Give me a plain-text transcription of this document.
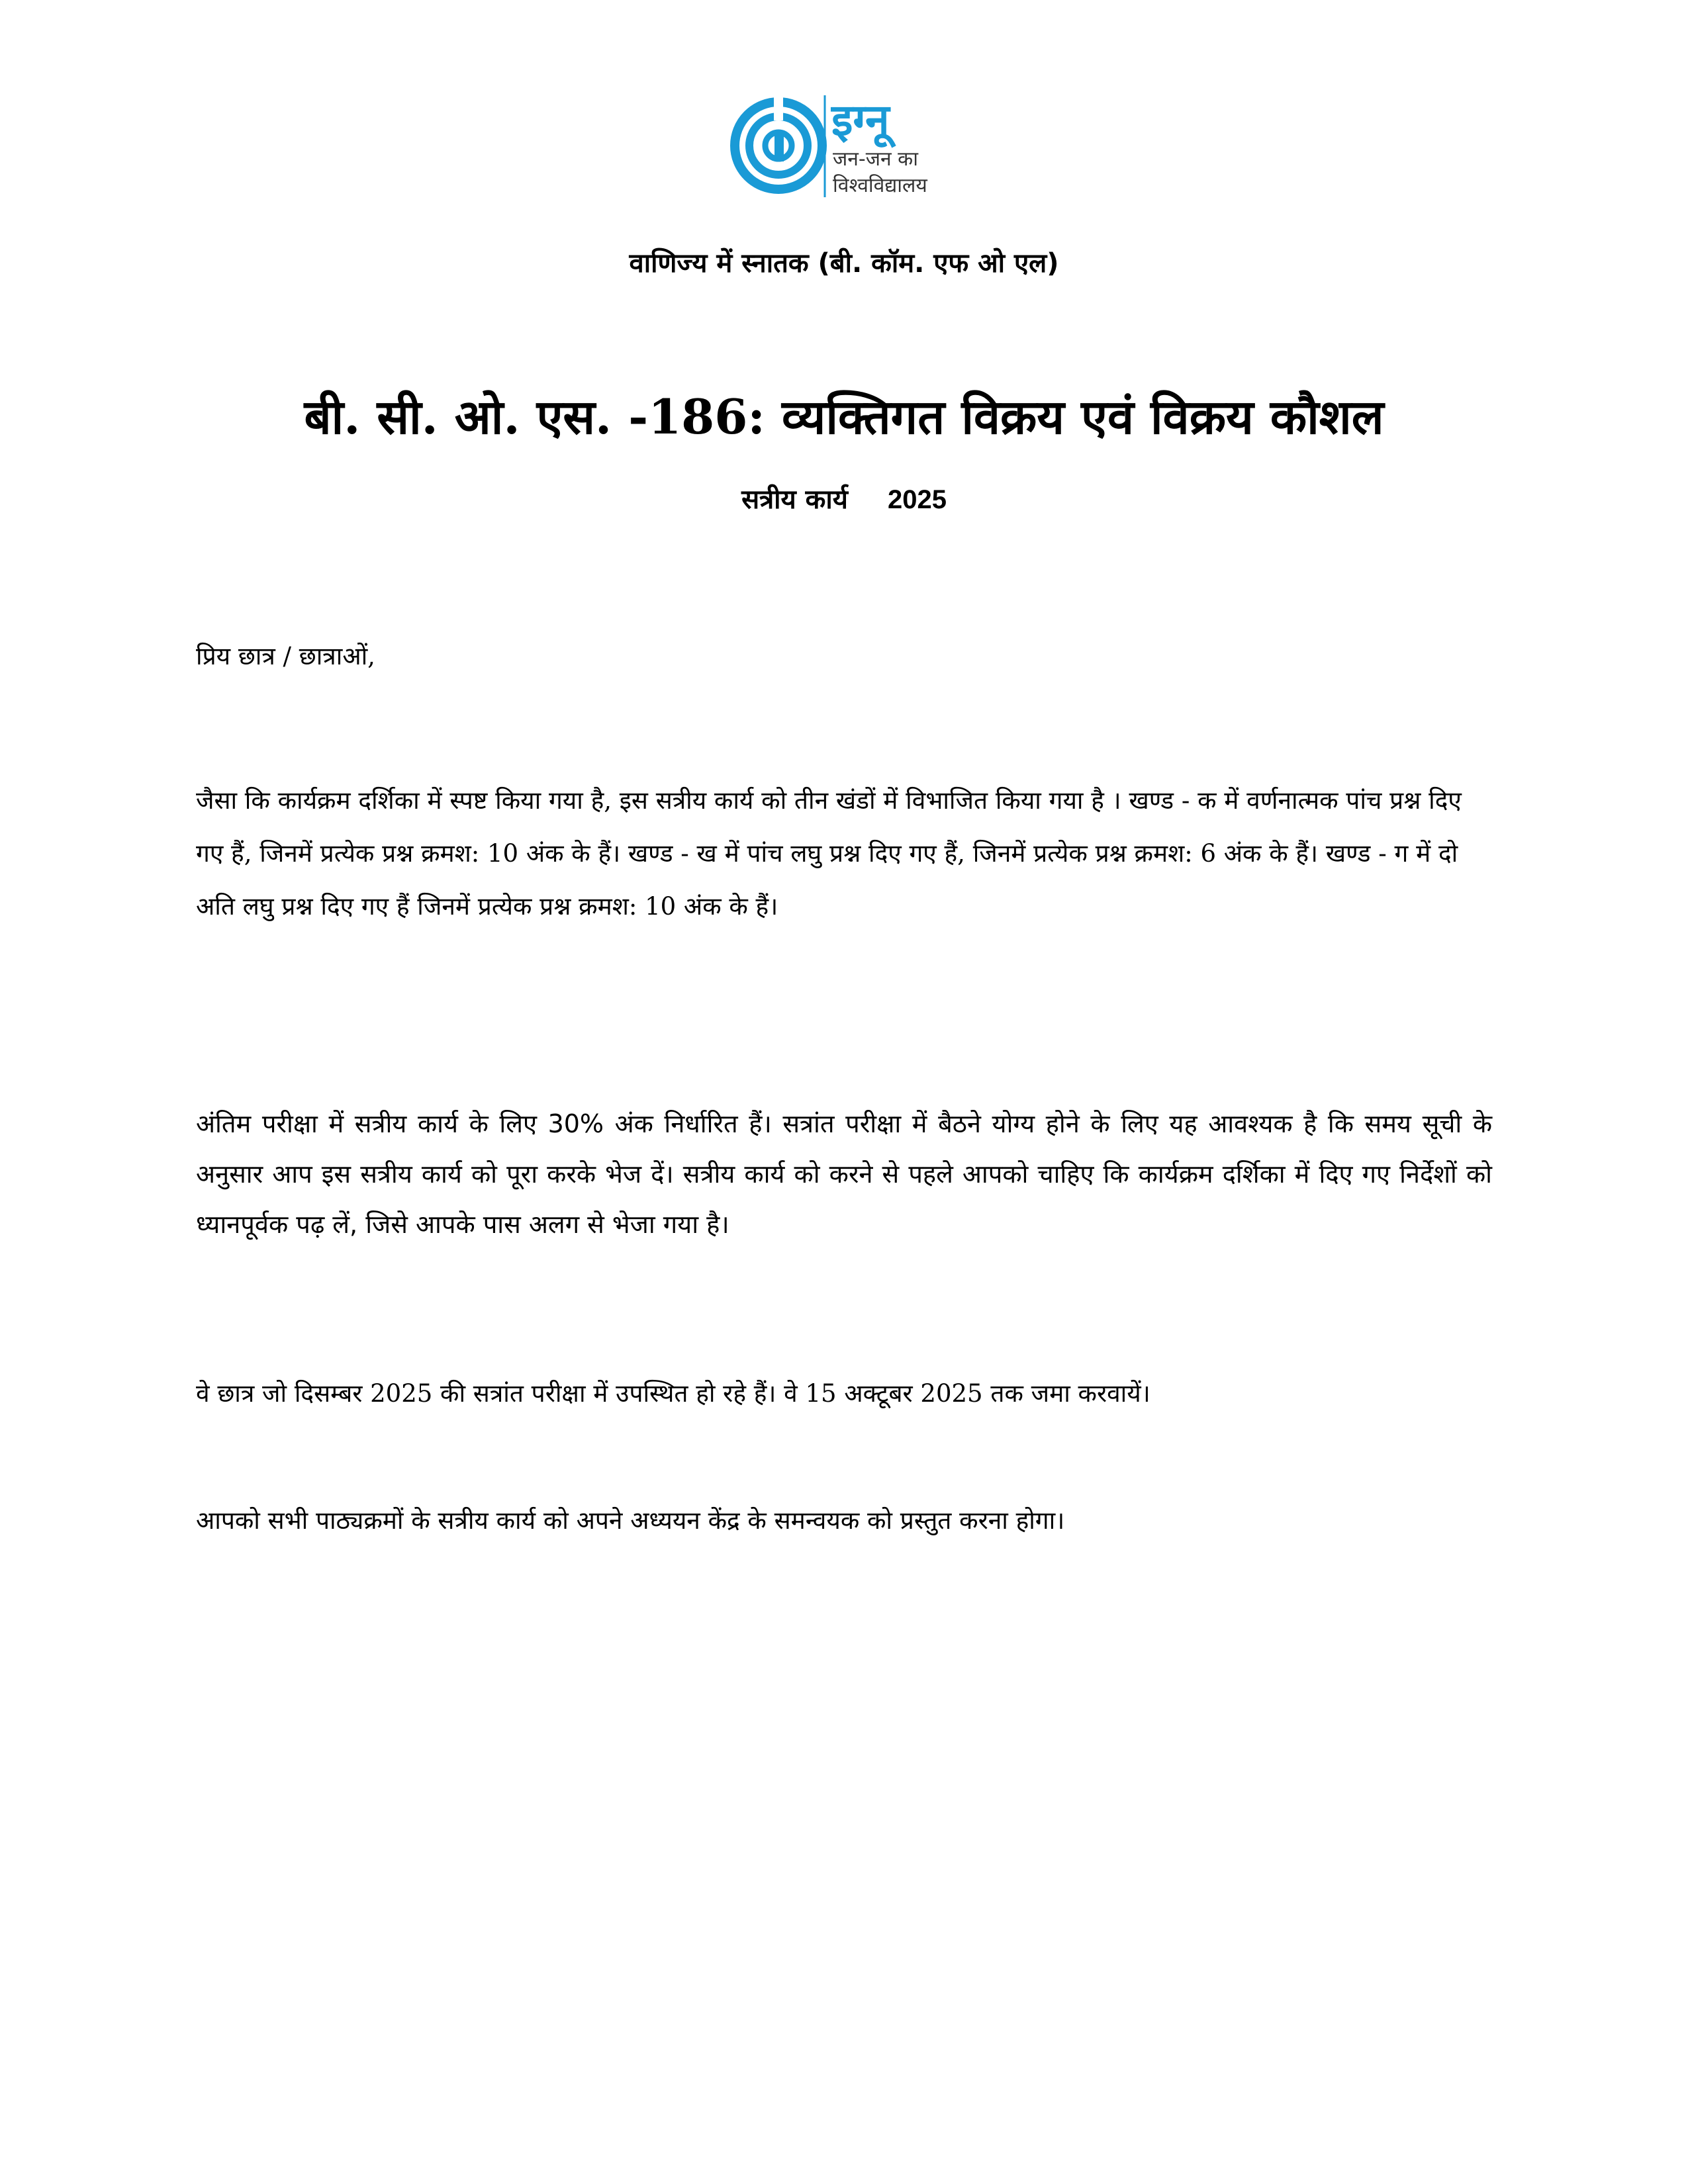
इग्नू
जन-जन का
विश्वविद्यालय
वाणिज्य में स्नातक (बी. कॉम. एफ ओ एल)
बी. सी. ओ. एस. -186: व्यक्तिगत विक्रय एवं विक्रय कौशल
सत्रीय कार्य 2025

प्रिय छात्र / छात्राओं,

जैसा कि कार्यक्रम दर्शिका में स्पष्ट किया गया है, इस सत्रीय कार्य को तीन खंडों में विभाजित किया गया है । खण्ड - क में वर्णनात्मक पांच प्रश्न दिए गए हैं, जिनमें प्रत्येक प्रश्न क्रमश: 10 अंक के हैं। खण्ड - ख में पांच लघु प्रश्न दिए गए हैं, जिनमें प्रत्येक प्रश्न क्रमश: 6 अंक के हैं। खण्ड - ग में दो अति लघु प्रश्न दिए गए हैं जिनमें प्रत्येक प्रश्न क्रमश: 10 अंक के हैं।

अंतिम परीक्षा में सत्रीय कार्य के लिए 30% अंक निर्धारित हैं। सत्रांत परीक्षा में बैठने योग्य होने के लिए यह आवश्यक है कि समय सूची के अनुसार आप इस सत्रीय कार्य को पूरा करके भेज दें। सत्रीय कार्य को करने से पहले आपको चाहिए कि कार्यक्रम दर्शिका में दिए गए निर्देशों को ध्यानपूर्वक पढ़ लें, जिसे आपके पास अलग से भेजा गया है।

वे छात्र जो दिसम्बर 2025 की सत्रांत परीक्षा में उपस्थित हो रहे हैं। वे 15 अक्टूबर 2025 तक जमा करवायें।

आपको सभी पाठ्यक्रमों के सत्रीय कार्य को अपने अध्ययन केंद्र के समन्वयक को प्रस्तुत करना होगा।
